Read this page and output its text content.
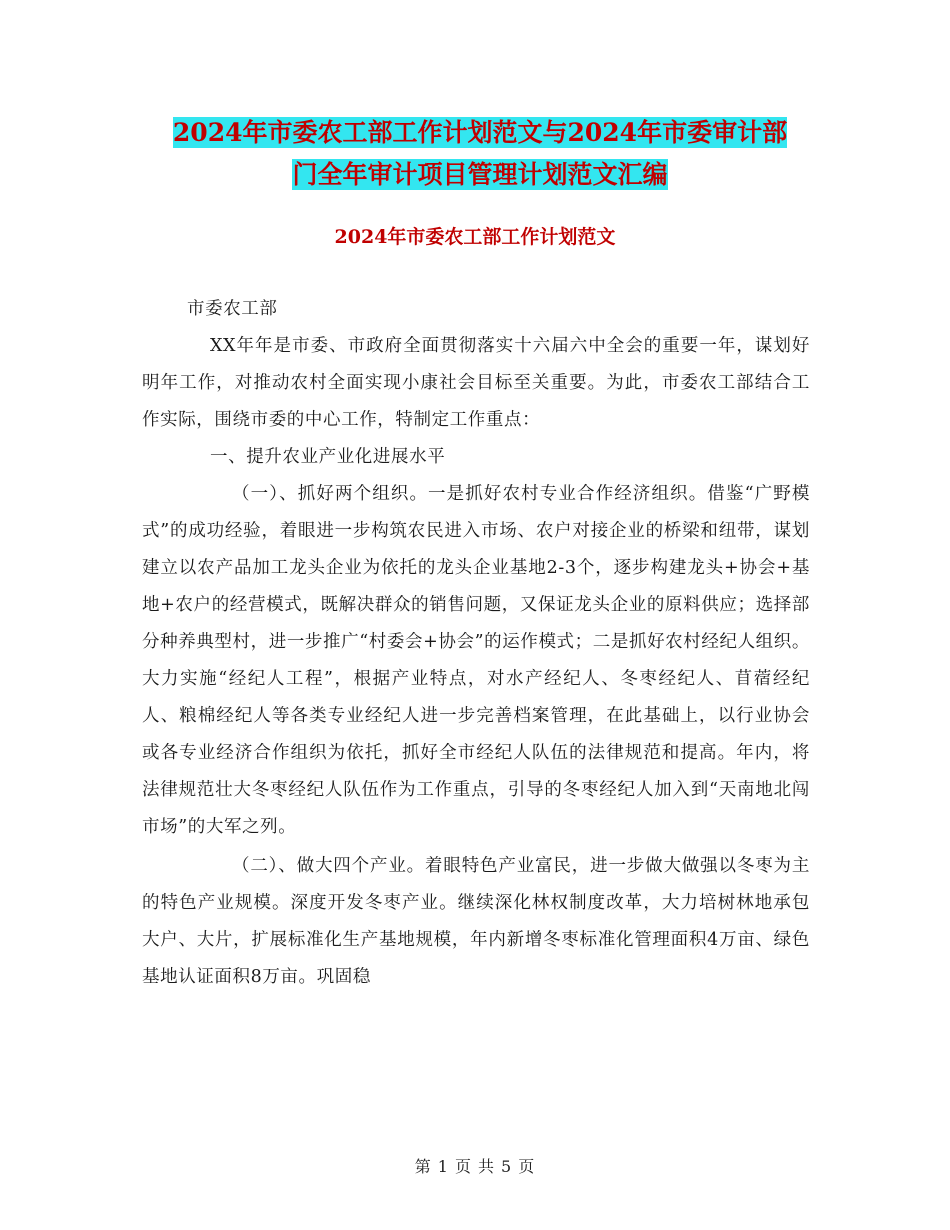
2024年市委农工部工作计划范文与2024年市委审计部
门全年审计项目管理计划范文汇编
2024年市委农工部工作计划范文

市委农工部

XX年年是市委、市政府全面贯彻落实十六届六中全会的重要一年，谋划好明年工作，对推动农村全面实现小康社会目标至关重要。为此，市委农工部结合工作实际，围绕市委的中心工作，特制定工作重点：

一、提升农业产业化进展水平

（一）、抓好两个组织。一是抓好农村专业合作经济组织。借鉴“广野模式”的成功经验，着眼进一步构筑农民进入市场、农户对接企业的桥梁和纽带，谋划建立以农产品加工龙头企业为依托的龙头企业基地2-3个，逐步构建龙头+协会+基地+农户的经营模式，既解决群众的销售问题，又保证龙头企业的原料供应；选择部分种养典型村，进一步推广“村委会+协会”的运作模式；二是抓好农村经纪人组织。大力实施“经纪人工程”，根据产业特点，对水产经纪人、冬枣经纪人、苜蓿经纪人、粮棉经纪人等各类专业经纪人进一步完善档案管理，在此基础上，以行业协会或各专业经济合作组织为依托，抓好全市经纪人队伍的法律规范和提高。年内，将法律规范壮大冬枣经纪人队伍作为工作重点，引导的冬枣经纪人加入到“天南地北闯市场”的大军之列。

（二）、做大四个产业。着眼特色产业富民，进一步做大做强以冬枣为主的特色产业规模。深度开发冬枣产业。继续深化林权制度改革，大力培树林地承包大户、大片，扩展标准化生产基地规模，年内新增冬枣标准化管理面积4万亩、绿色基地认证面积8万亩。巩固稳

第 1 页 共 5 页
